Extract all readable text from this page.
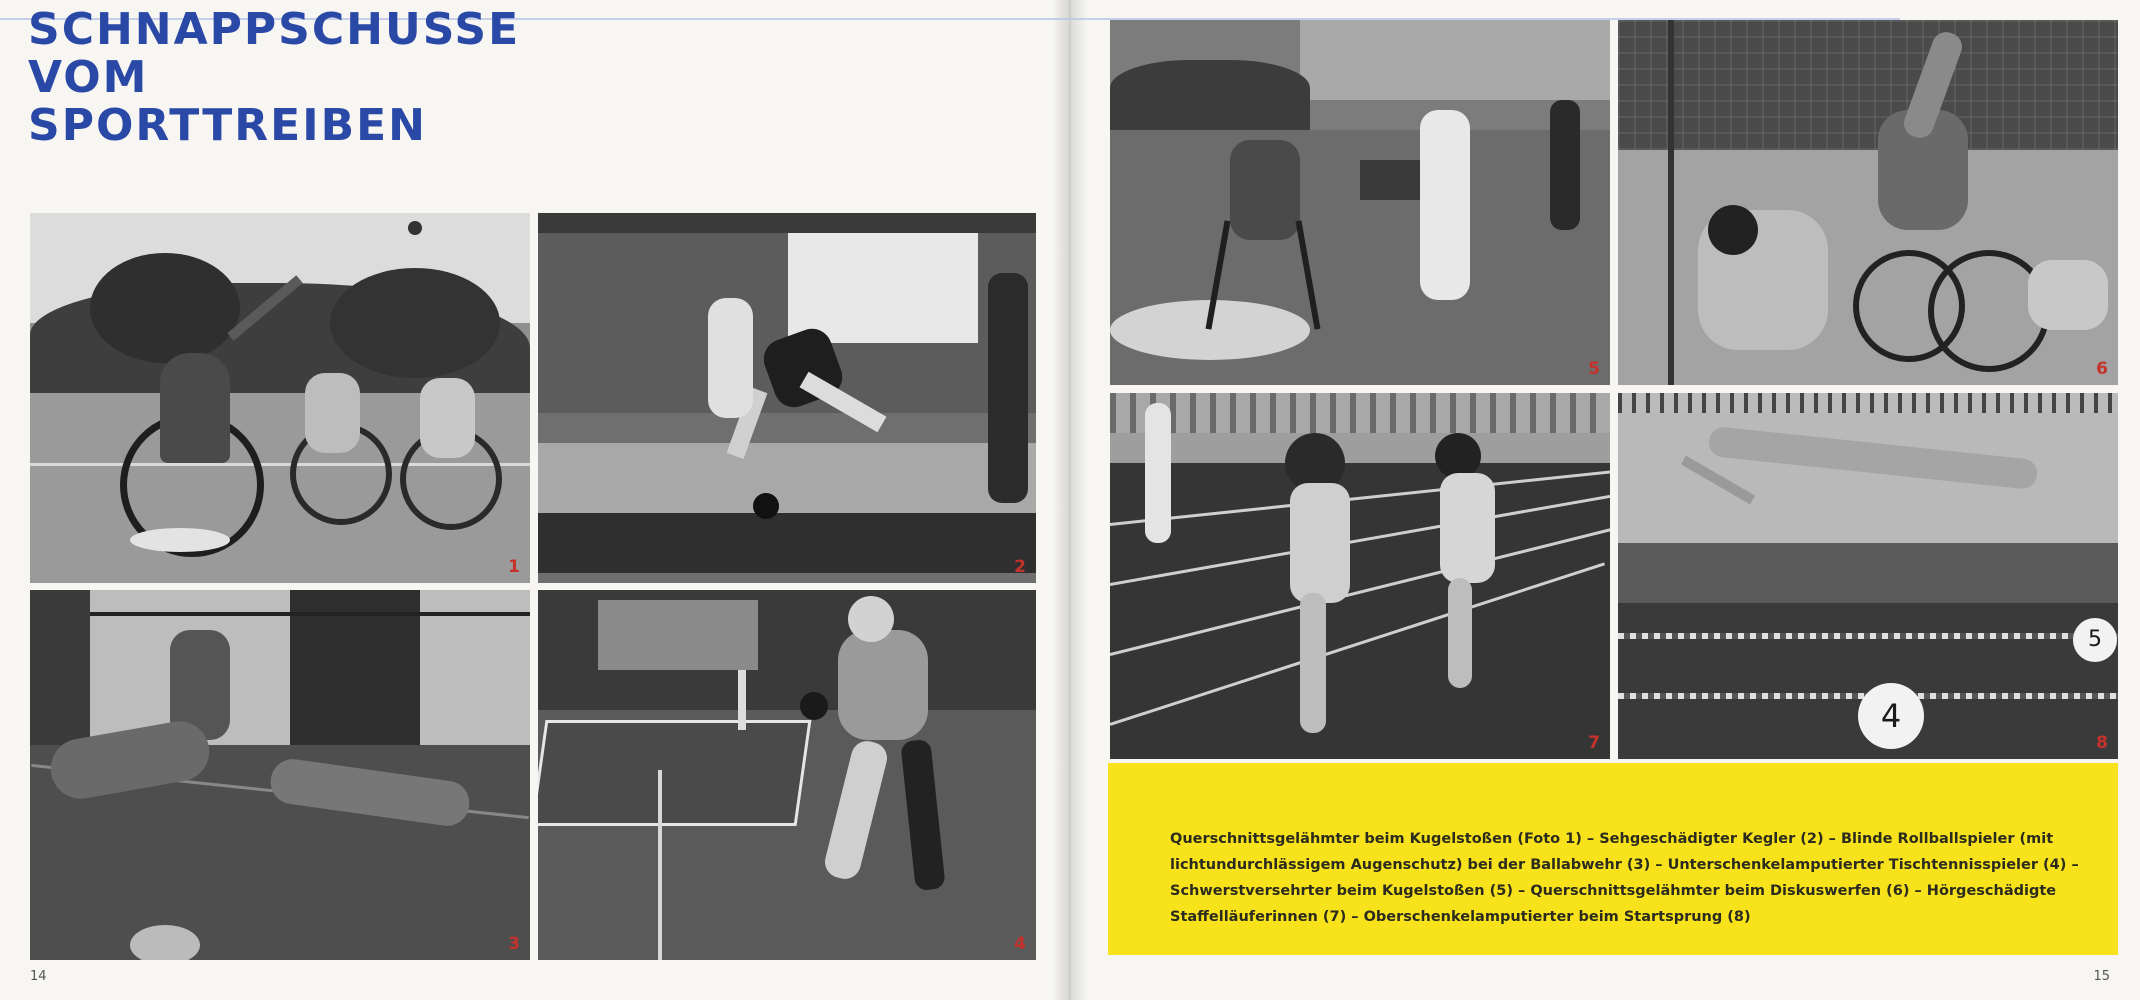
SCHNAPPSCHUSSE
VOM
SPORTTREIBEN
4
5
1	2
3	4
5	6
7	8

Querschnittsgelähmter beim Kugelstoßen (Foto 1) – Sehgeschädigter Kegler (2) – Blinde Rollballspieler (mit lichtundurchlässigem Augenschutz) bei der Ballabwehr (3) – Unterschenkelamputierter Tischtennisspieler (4) – Schwerstversehrter beim Kugelstoßen (5) – Querschnittsgelähmter beim Diskuswerfen (6) – Hörgeschädigte Staffelläuferinnen (7) – Oberschenkelamputierter beim Startsprung (8)

14	15
